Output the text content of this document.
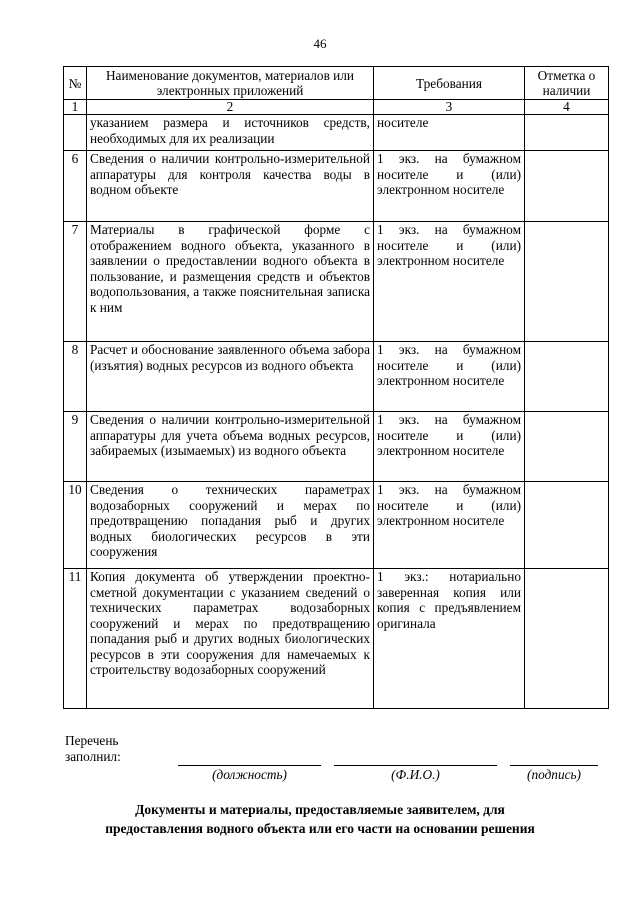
46
№	Наименование документов, материалов или электронных приложений	Требования	Отметка о наличии
1	2	3	4
	указанием размера и источников средств, необходимых для их реализации	носителе	
6	Сведения о наличии контрольно-измерительной аппаратуры для контроля качества воды в водном объекте	1 экз. на бумажном носителе и (или) электронном носителе	
7	Материалы в графической форме с отображением водного объекта, указанного в заявлении о предоставлении водного объекта в пользование, и размещения средств и объектов водопользования, а также пояснительная записка к ним	1 экз. на бумажном носителе и (или) электронном носителе	
8	Расчет и обоснование заявленного объема забора (изъятия) водных ресурсов из водного объекта	1 экз. на бумажном носителе и (или) электронном носителе	
9	Сведения о наличии контрольно-измерительной аппаратуры для учета объема водных ресурсов, забираемых (изымаемых) из водного объекта	1 экз. на бумажном носителе и (или) электронном носителе	
10	Сведения о технических параметрах водозаборных сооружений и мерах по предотвращению попадания рыб и других водных биологических ресурсов в эти сооружения	1 экз. на бумажном носителе и (или) электронном носителе	
11	Копия документа об утверждении проектно-сметной документации с указанием сведений о технических параметрах водозаборных сооружений и мерах по предотвращению попадания рыб и других водных биологических ресурсов в эти сооружения для намечаемых к строительству водозаборных сооружений	1 экз.: нотариально заверенная копия или копия с предъявлением оригинала	
Перечень
заполнил:
(должность)	(Ф.И.О.)	(подпись)
Документы и материалы, предоставляемые заявителем, для
предоставления водного объекта или его части на основании решения
